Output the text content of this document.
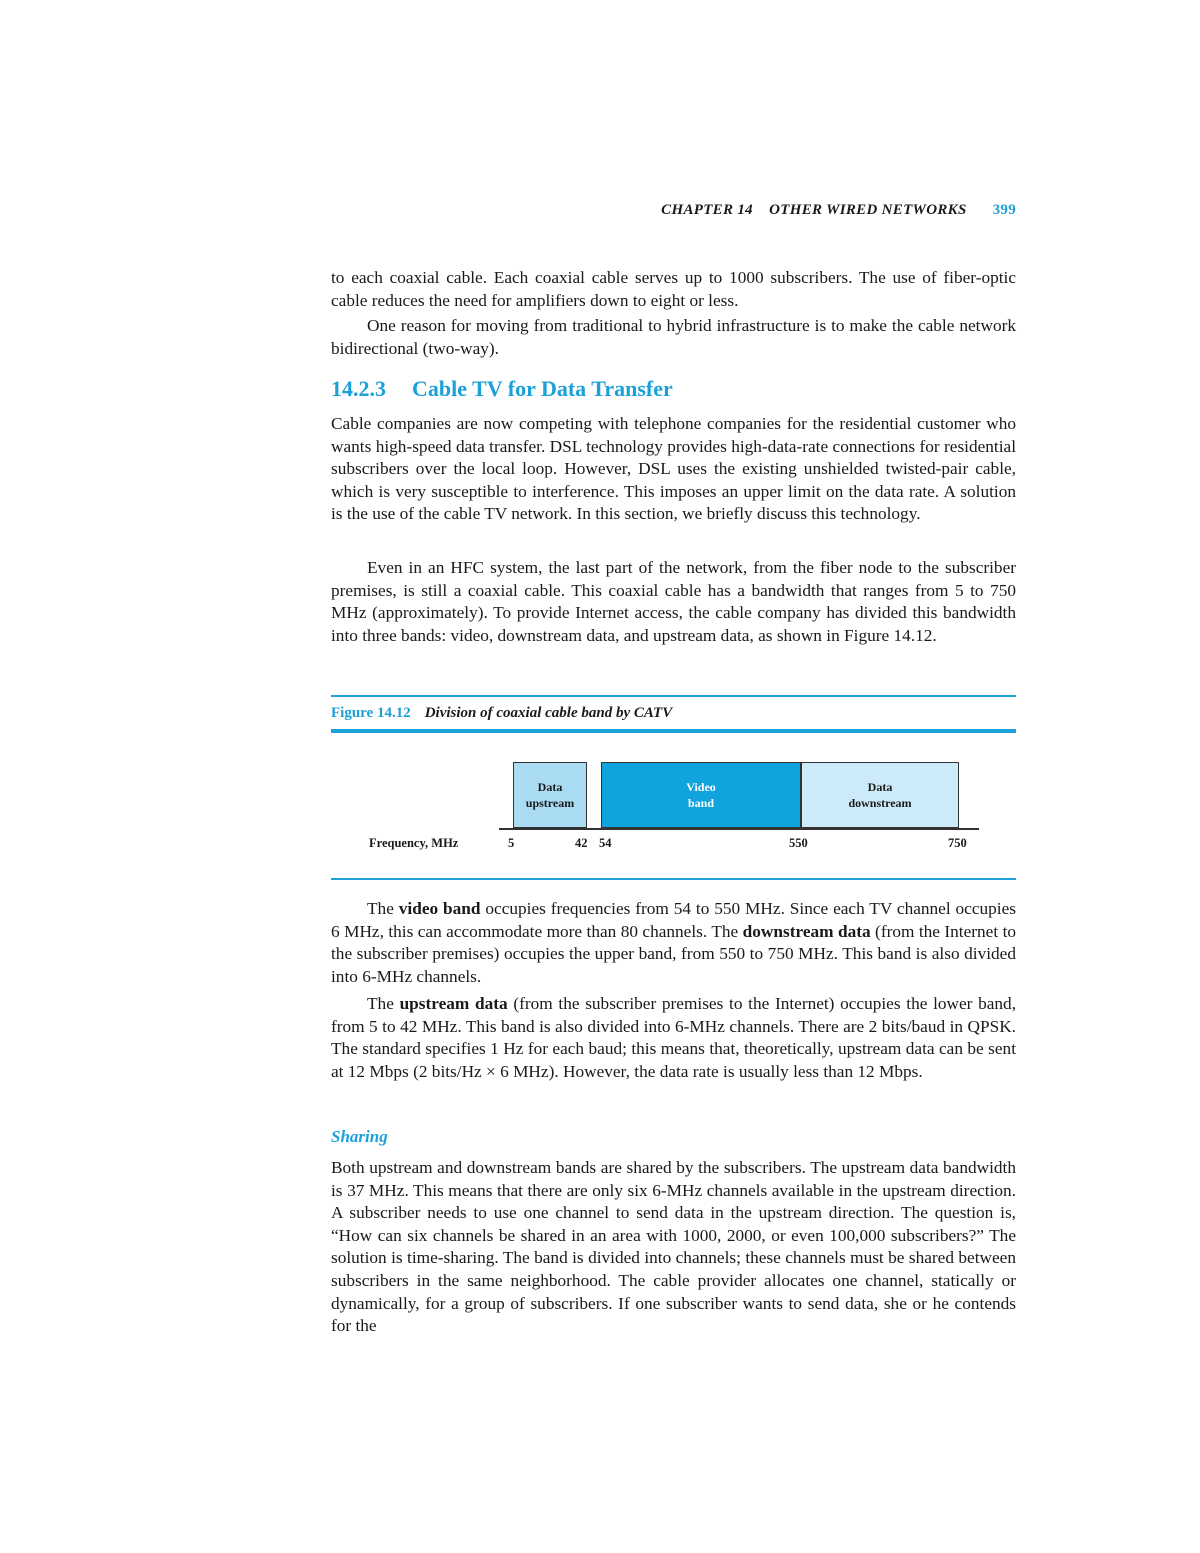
CHAPTER 14 OTHER WIRED NETWORKS 399

to each coaxial cable. Each coaxial cable serves up to 1000 subscribers. The use of fiber-optic cable reduces the need for amplifiers down to eight or less.

One reason for moving from traditional to hybrid infrastructure is to make the cable network bidirectional (two-way).

14.2.3 Cable TV for Data Transfer

Cable companies are now competing with telephone companies for the residential customer who wants high-speed data transfer. DSL technology provides high-data-rate connections for residential subscribers over the local loop. However, DSL uses the existing unshielded twisted-pair cable, which is very susceptible to interference. This imposes an upper limit on the data rate. A solution is the use of the cable TV network. In this section, we briefly discuss this technology.

Even in an HFC system, the last part of the network, from the fiber node to the subscriber premises, is still a coaxial cable. This coaxial cable has a bandwidth that ranges from 5 to 750 MHz (approximately). To provide Internet access, the cable company has divided this bandwidth into three bands: video, downstream data, and upstream data, as shown in Figure 14.12.

Figure 14.12 Division of coaxial cable band by CATV

Data
upstream
Video
band
Data
downstream
Frequency, MHz	5	42 54	550	750

The video band occupies frequencies from 54 to 550 MHz. Since each TV channel occupies 6 MHz, this can accommodate more than 80 channels. The downstream data (from the Internet to the subscriber premises) occupies the upper band, from 550 to 750 MHz. This band is also divided into 6-MHz channels.

The upstream data (from the subscriber premises to the Internet) occupies the lower band, from 5 to 42 MHz. This band is also divided into 6-MHz channels. There are 2 bits/baud in QPSK. The standard specifies 1 Hz for each baud; this means that, theoretically, upstream data can be sent at 12 Mbps (2 bits/Hz × 6 MHz). However, the data rate is usually less than 12 Mbps.

Sharing

Both upstream and downstream bands are shared by the subscribers. The upstream data bandwidth is 37 MHz. This means that there are only six 6-MHz channels available in the upstream direction. A subscriber needs to use one channel to send data in the upstream direction. The question is, “How can six channels be shared in an area with 1000, 2000, or even 100,000 subscribers?” The solution is time-sharing. The band is divided into channels; these channels must be shared between subscribers in the same neighborhood. The cable provider allocates one channel, statically or dynamically, for a group of subscribers. If one subscriber wants to send data, she or he contends for the
